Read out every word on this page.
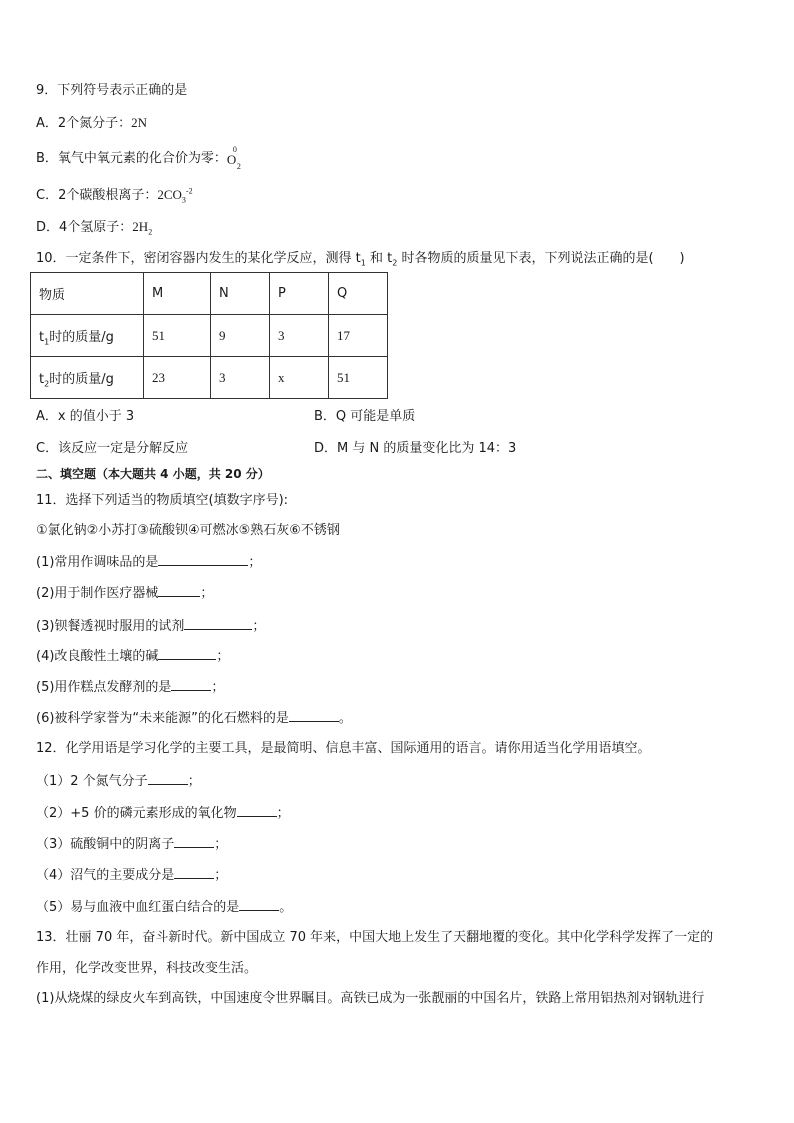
9．下列符号表示正确的是
A．2个氮分子：2N
B．氧气中氧元素的化合价为零：
0
O 2
C．2个碳酸根离子：$2CO_3^{-2}$
D．4个氢原子：$2H_2$
10．一定条件下，密闭容器内发生的某化学反应，测得 $t_1$ 和 $t_2$ 时各物质的质量见下表，下列说法正确的是(　　)
物质	M	N	P	Q
$t_1$时的质量/g	51	9	3	17
$t_2$时的质量/g	23	3	x	51
A．x 的值小于 3	B．Q 可能是单质
C．该反应一定是分解反应	D．M 与 N 的质量变化比为 14：3
二、填空题（本大题共 4 小题，共 20 分）
11．选择下列适当的物质填空(填数字序号):
①氯化钠②小苏打③硫酸钡④可燃冰⑤熟石灰⑥不锈钢
(1)常用作调味品的是	；
(2)用于制作医疗器械	；
(3)钡餐透视时服用的试剂	；
(4)改良酸性土壤的碱	；
(5)用作糕点发酵剂的是	；
(6)被科学家誉为“未来能源”的化石燃料的是	。
12．化学用语是学习化学的主要工具，是最简明、信息丰富、国际通用的语言。请你用适当化学用语填空。
（1）2 个氮气分子	；
（2）+5 价的磷元素形成的氧化物	；
（3）硫酸铜中的阴离子	；
（4）沼气的主要成分是	；
（5）易与血液中血红蛋白结合的是	。
13．壮丽 70 年，奋斗新时代。新中国成立 70 年来，中国大地上发生了天翻地覆的变化。其中化学科学发挥了一定的
作用，化学改变世界，科技改变生活。
(1)从烧煤的绿皮火车到高铁，中国速度令世界瞩目。高铁已成为一张靓丽的中国名片，铁路上常用铝热剂对钢轨进行
